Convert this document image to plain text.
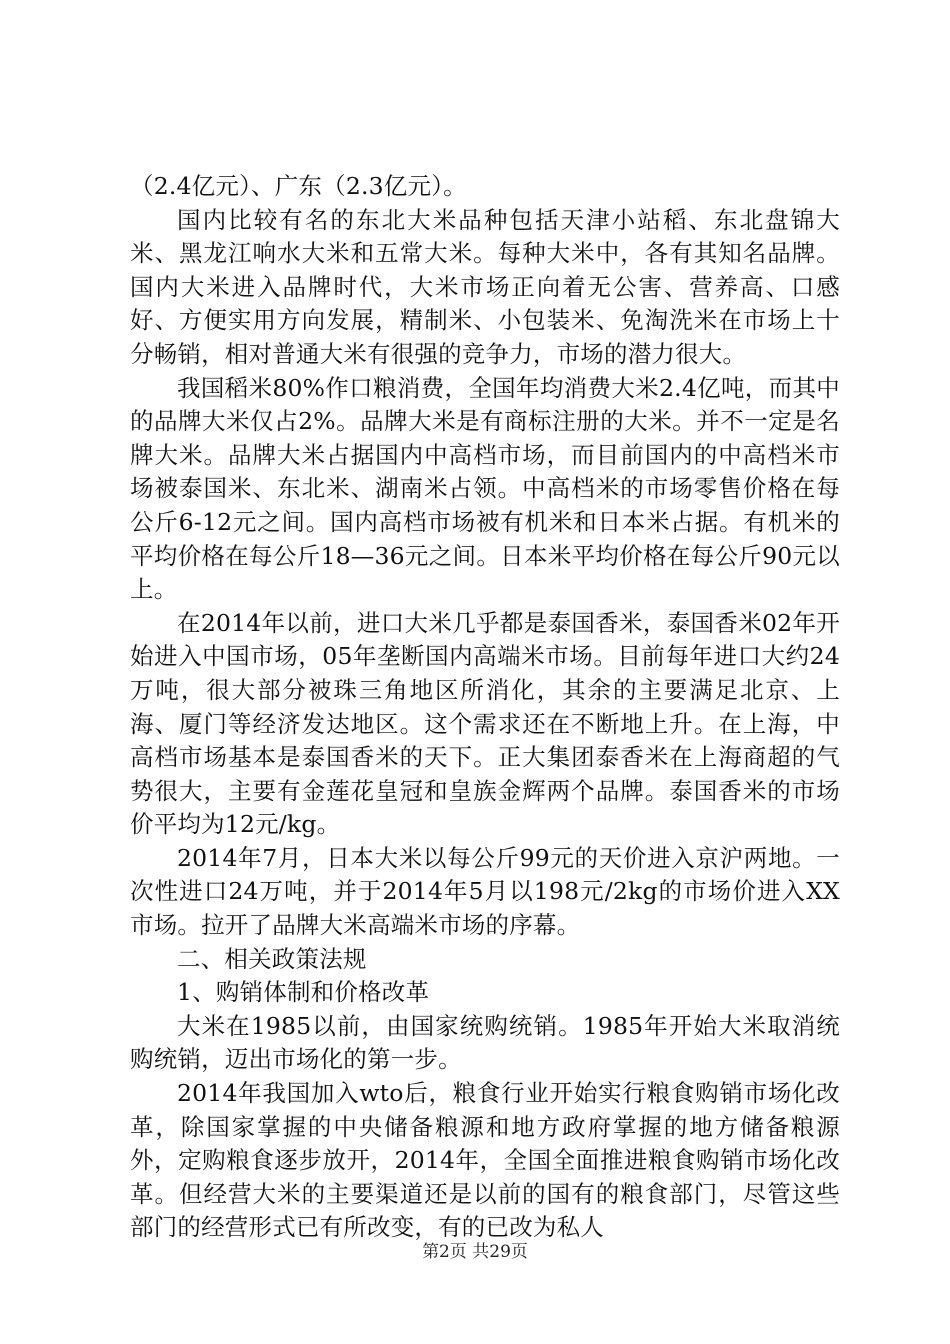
（2.4亿元）、广东（2.3亿元）。

国内比较有名的东北大米品种包括天津小站稻、东北盘锦大米、黑龙江响水大米和五常大米。每种大米中，各有其知名品牌。国内大米进入品牌时代，大米市场正向着无公害、营养高、口感好、方便实用方向发展，精制米、小包装米、免淘洗米在市场上十分畅销，相对普通大米有很强的竞争力，市场的潜力很大。

我国稻米80%作口粮消费，全国年均消费大米2.4亿吨，而其中的品牌大米仅占2%。品牌大米是有商标注册的大米。并不一定是名牌大米。品牌大米占据国内中高档市场，而目前国内的中高档米市场被泰国米、东北米、湖南米占领。中高档米的市场零售价格在每公斤6-12元之间。国内高档市场被有机米和日本米占据。有机米的平均价格在每公斤18—36元之间。日本米平均价格在每公斤90元以上。

在2014年以前，进口大米几乎都是泰国香米，泰国香米02年开始进入中国市场，05年垄断国内高端米市场。目前每年进口大约24万吨，很大部分被珠三角地区所消化，其余的主要满足北京、上海、厦门等经济发达地区。这个需求还在不断地上升。在上海，中高档市场基本是泰国香米的天下。正大集团泰香米在上海商超的气势很大，主要有金莲花皇冠和皇族金辉两个品牌。泰国香米的市场价平均为12元/kg。

2014年7月，日本大米以每公斤99元的天价进入京沪两地。一次性进口24万吨，并于2014年5月以198元/2kg的市场价进入XX市场。拉开了品牌大米高端米市场的序幕。

二、相关政策法规

1、购销体制和价格改革

大米在1985以前，由国家统购统销。1985年开始大米取消统购统销，迈出市场化的第一步。

2014年我国加入wto后，粮食行业开始实行粮食购销市场化改革，除国家掌握的中央储备粮源和地方政府掌握的地方储备粮源外，定购粮食逐步放开，2014年，全国全面推进粮食购销市场化改革。但经营大米的主要渠道还是以前的国有的粮食部门，尽管这些部门的经营形式已有所改变，有的已改为私人

第2页 共29页
